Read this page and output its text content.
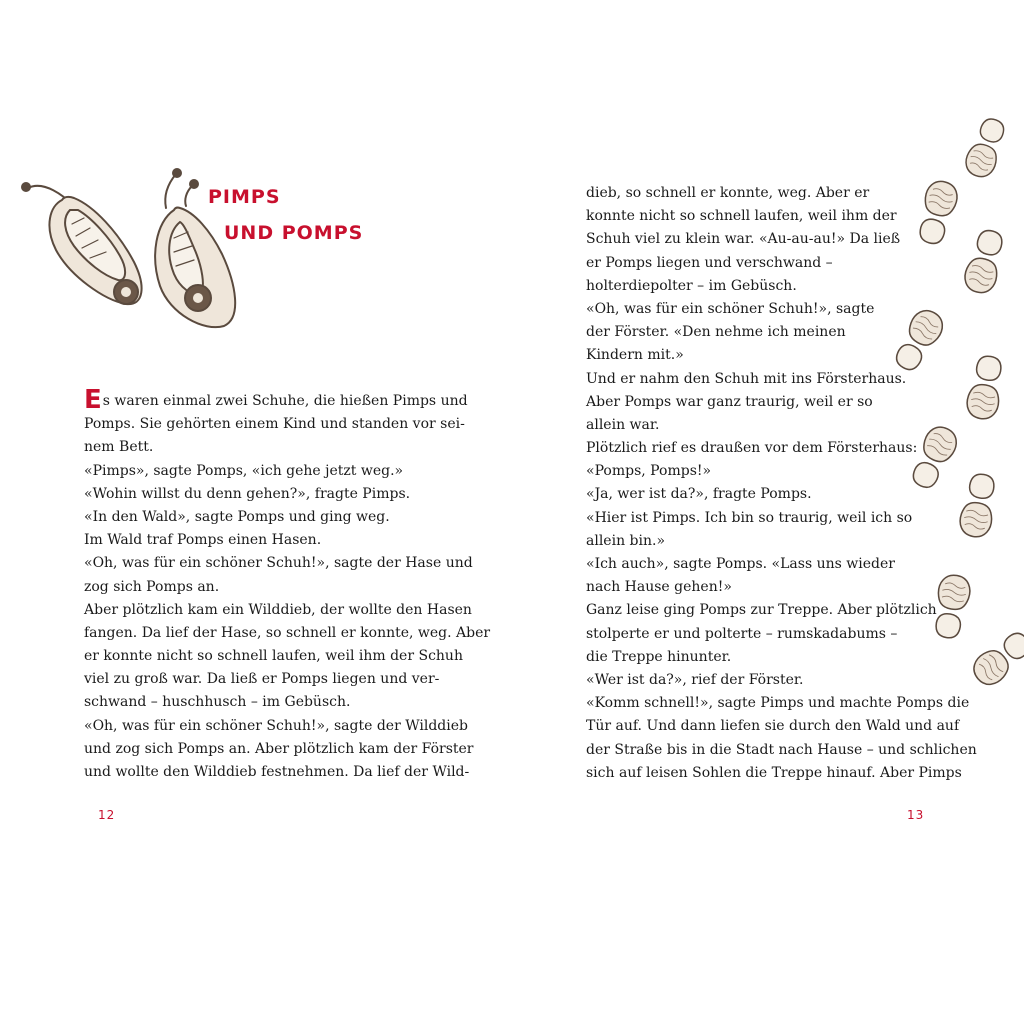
PIMPS
UND POMPS
Es waren einmal zwei Schuhe, die hießen Pimps und
Pomps. Sie gehörten einem Kind und standen vor sei-
nem Bett.
«Pimps», sagte Pomps, «ich gehe jetzt weg.»
«Wohin willst du denn gehen?», fragte Pimps.
«In den Wald», sagte Pomps und ging weg.
Im Wald traf Pomps einen Hasen.
«Oh, was für ein schöner Schuh!», sagte der Hase und
zog sich Pomps an.
Aber plötzlich kam ein Wilddieb, der wollte den Hasen
fangen. Da lief der Hase, so schnell er konnte, weg. Aber
er konnte nicht so schnell laufen, weil ihm der Schuh
viel zu groß war. Da ließ er Pomps liegen und ver-
schwand – huschhusch – im Gebüsch.
«Oh, was für ein schöner Schuh!», sagte der Wilddieb
und zog sich Pomps an. Aber plötzlich kam der Förster
und wollte den Wilddieb festnehmen. Da lief der Wild-
12
dieb, so schnell er konnte, weg. Aber er
konnte nicht so schnell laufen, weil ihm der
Schuh viel zu klein war. «Au-au-au!» Da ließ
er Pomps liegen und verschwand –
holterdiepolter – im Gebüsch.
«Oh, was für ein schöner Schuh!», sagte
der Förster. «Den nehme ich meinen
Kindern mit.»
Und er nahm den Schuh mit ins Försterhaus.
Aber Pomps war ganz traurig, weil er so
allein war.
Plötzlich rief es draußen vor dem Försterhaus:
«Pomps, Pomps!»
«Ja, wer ist da?», fragte Pomps.
«Hier ist Pimps. Ich bin so traurig, weil ich so
allein bin.»
«Ich auch», sagte Pomps. «Lass uns wieder
nach Hause gehen!»
Ganz leise ging Pomps zur Treppe. Aber plötzlich
stolperte er und polterte – rumskadabums –
die Treppe hinunter.
«Wer ist da?», rief der Förster.
«Komm schnell!», sagte Pimps und machte Pomps die
Tür auf. Und dann liefen sie durch den Wald und auf
der Straße bis in die Stadt nach Hause – und schlichen
sich auf leisen Sohlen die Treppe hinauf. Aber Pimps
13
